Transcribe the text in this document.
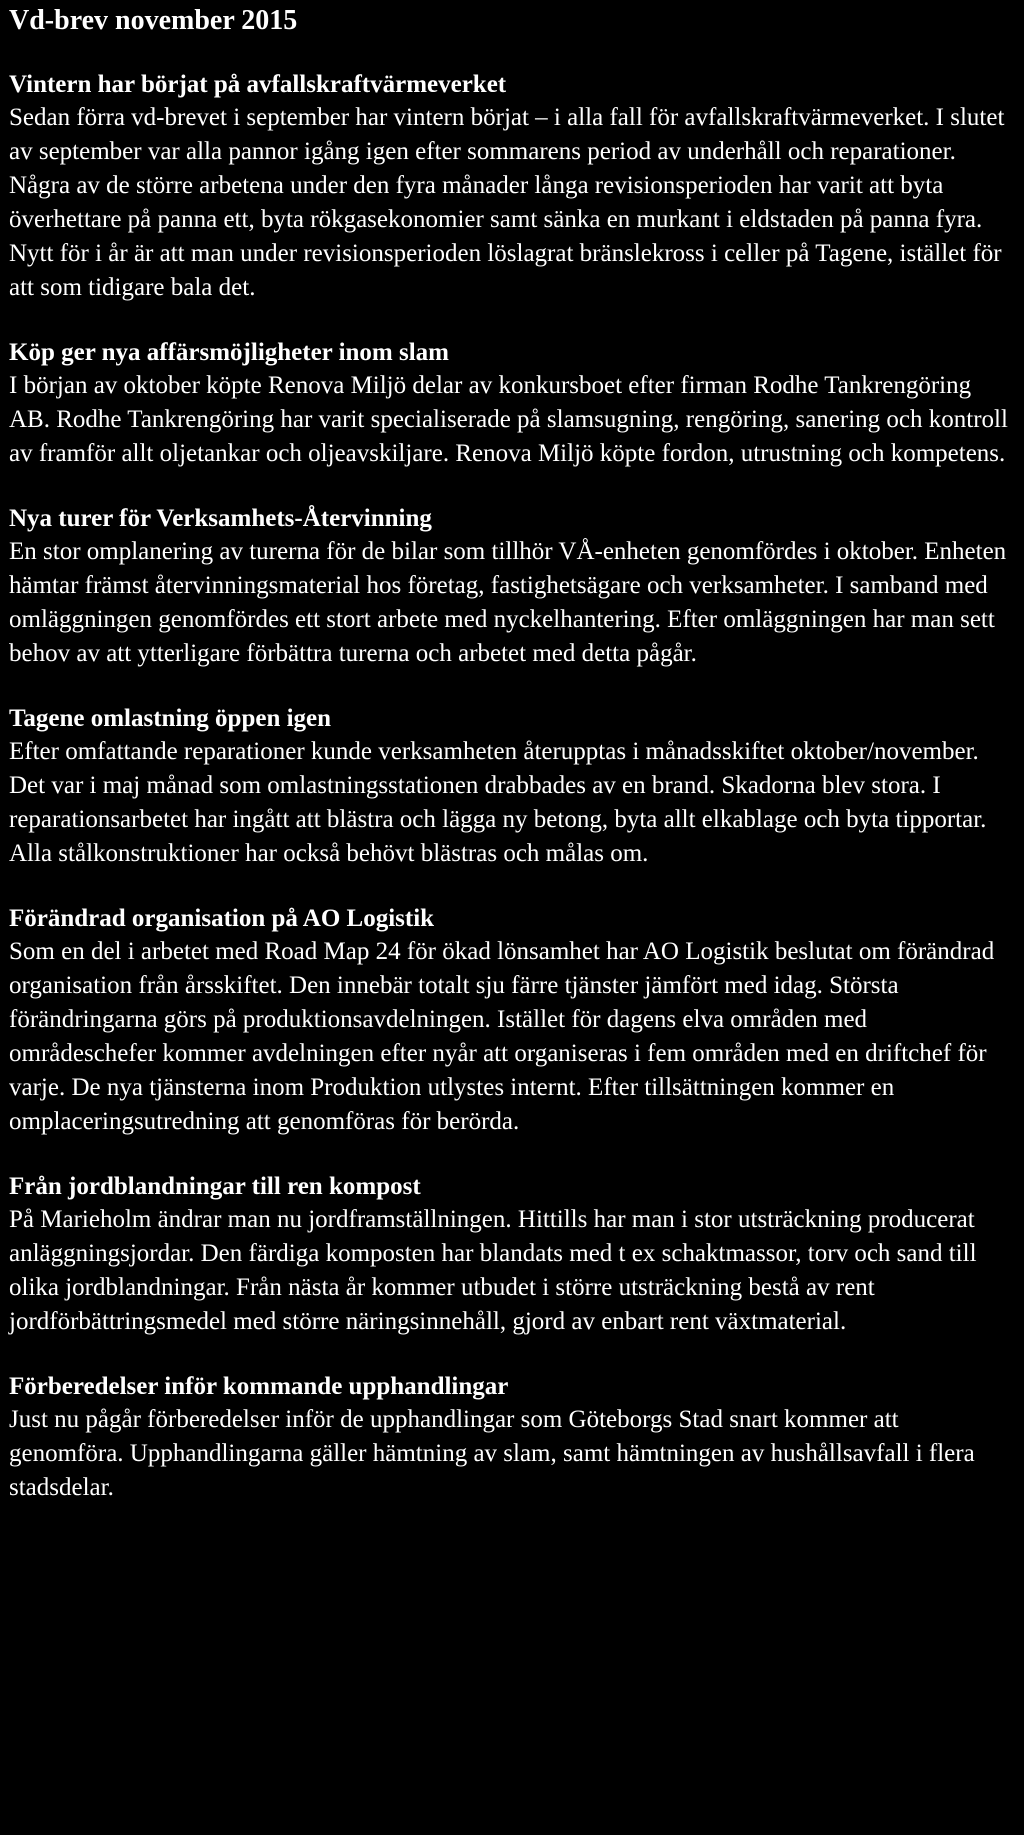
Vd-brev november 2015
Vintern har börjat på avfallskraftvärmeverket

Sedan förra vd-brevet i september har vintern börjat – i alla fall för avfallskraftvärmeverket. I slutet av september var alla pannor igång igen efter sommarens period av underhåll och reparationer. Några av de större arbetena under den fyra månader långa revisionsperioden har varit att byta överhettare på panna ett, byta rökgasekonomier samt sänka en murkant i eldstaden på panna fyra. Nytt för i år är att man under revisionsperioden löslagrat bränslekross i celler på Tagene, istället för att som tidigare bala det.

Köp ger nya affärsmöjligheter inom slam

I början av oktober köpte Renova Miljö delar av konkursboet efter firman Rodhe Tankrengöring AB. Rodhe Tankrengöring har varit specialiserade på slamsugning, rengöring, sanering och kontroll av framför allt oljetankar och oljeavskiljare. Renova Miljö köpte fordon, utrustning och kompetens.

Nya turer för Verksamhets-Återvinning

En stor omplanering av turerna för de bilar som tillhör VÅ-enheten genomfördes i oktober. Enheten hämtar främst återvinningsmaterial hos företag, fastighetsägare och verksamheter. I samband med omläggningen genomfördes ett stort arbete med nyckelhantering. Efter omläggningen har man sett behov av att ytterligare förbättra turerna och arbetet med detta pågår.

Tagene omlastning öppen igen

Efter omfattande reparationer kunde verksamheten återupptas i månadsskiftet oktober/november.

Det var i maj månad som omlastningsstationen drabbades av en brand. Skadorna blev stora. I reparationsarbetet har ingått att blästra och lägga ny betong, byta allt elkablage och byta tipportar. Alla stålkonstruktioner har också behövt blästras och målas om.

Förändrad organisation på AO Logistik

Som en del i arbetet med Road Map 24 för ökad lönsamhet har AO Logistik beslutat om förändrad organisation från årsskiftet. Den innebär totalt sju färre tjänster jämfört med idag. Största förändringarna görs på produktionsavdelningen. Istället för dagens elva områden med områdeschefer kommer avdelningen efter nyår att organiseras i fem områden med en driftchef för varje. De nya tjänsterna inom Produktion utlystes internt. Efter tillsättningen kommer en omplaceringsutredning att genomföras för berörda.

Från jordblandningar till ren kompost

På Marieholm ändrar man nu jordframställningen. Hittills har man i stor utsträckning producerat anläggningsjordar. Den färdiga komposten har blandats med t ex schaktmassor, torv och sand till olika jordblandningar. Från nästa år kommer utbudet i större utsträckning bestå av rent jordförbättringsmedel med större näringsinnehåll, gjord av enbart rent växtmaterial.

Förberedelser inför kommande upphandlingar

Just nu pågår förberedelser inför de upphandlingar som Göteborgs Stad snart kommer att genomföra. Upphandlingarna gäller hämtning av slam, samt hämtningen av hushållsavfall i flera stadsdelar.
